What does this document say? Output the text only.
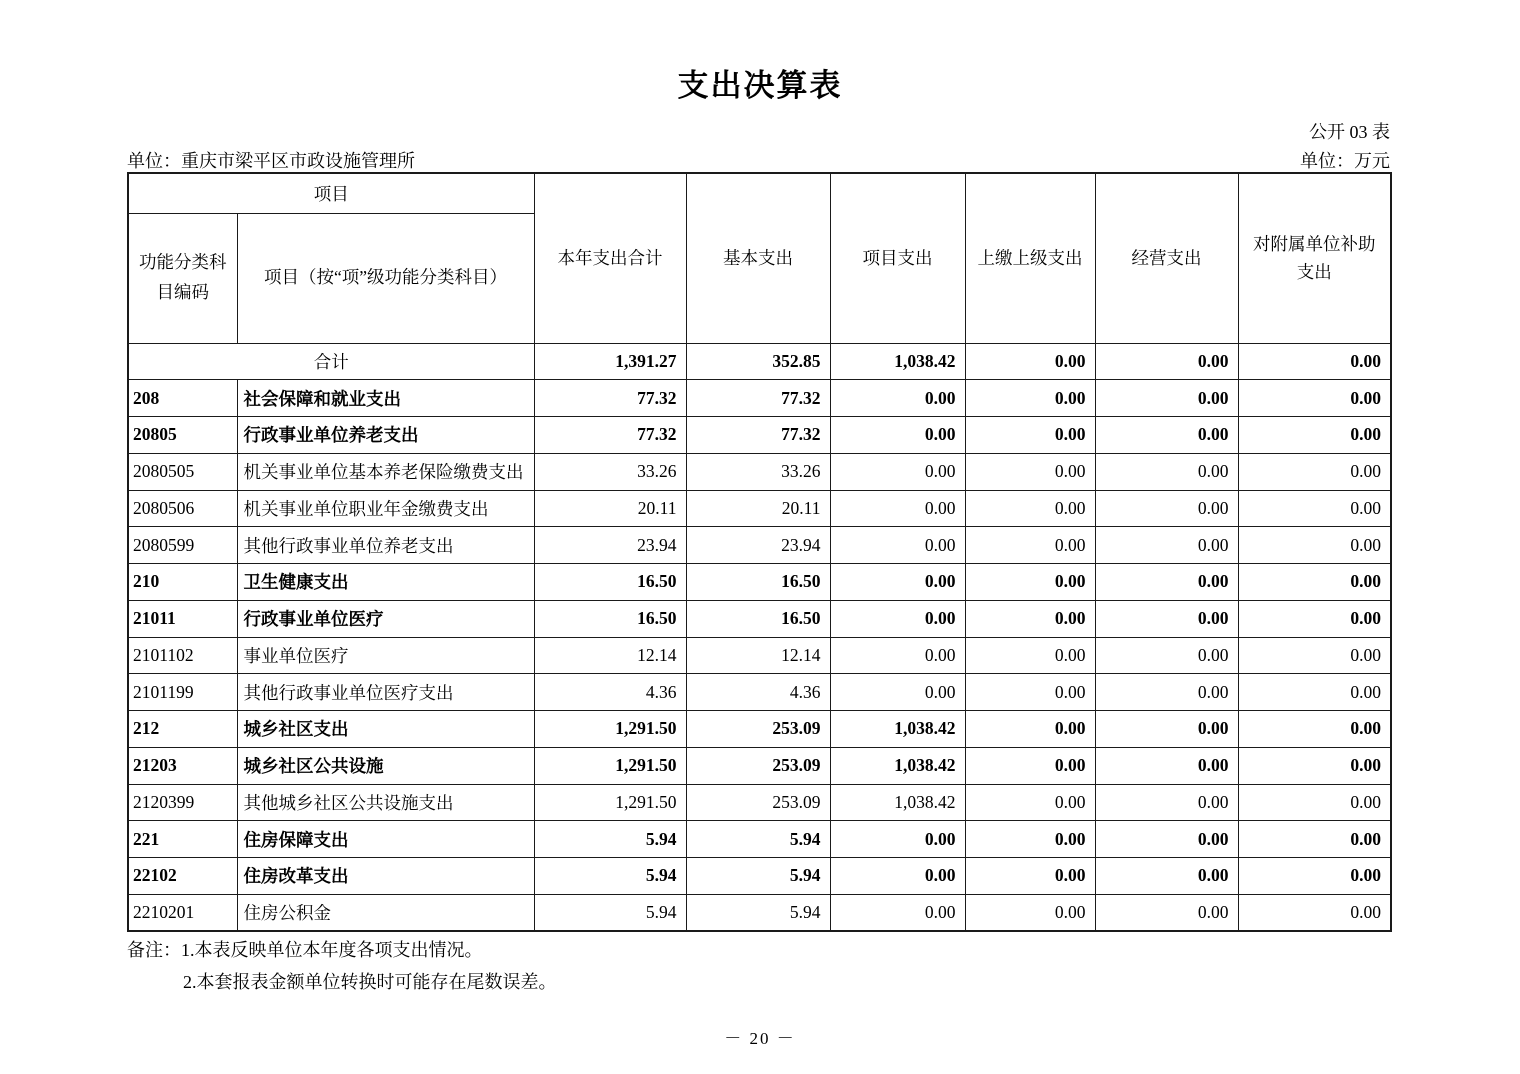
支出决算表
公开 03 表
单位：重庆市梁平区市政设施管理所	单位：万元
项目		本年支出合计	基本支出	项目支出	上缴上级支出	经营支出	对附属单位补助支出
功能分类科目编码	项目（按“项”级功能分类科目）						
合计		1,391.27	352.85	1,038.42	0.00	0.00	0.00
208	社会保障和就业支出	77.32	77.32	0.00	0.00	0.00	0.00
20805	行政事业单位养老支出	77.32	77.32	0.00	0.00	0.00	0.00
2080505	机关事业单位基本养老保险缴费支出	33.26	33.26	0.00	0.00	0.00	0.00
2080506	机关事业单位职业年金缴费支出	20.11	20.11	0.00	0.00	0.00	0.00
2080599	其他行政事业单位养老支出	23.94	23.94	0.00	0.00	0.00	0.00
210	卫生健康支出	16.50	16.50	0.00	0.00	0.00	0.00
21011	行政事业单位医疗	16.50	16.50	0.00	0.00	0.00	0.00
2101102	事业单位医疗	12.14	12.14	0.00	0.00	0.00	0.00
2101199	其他行政事业单位医疗支出	4.36	4.36	0.00	0.00	0.00	0.00
212	城乡社区支出	1,291.50	253.09	1,038.42	0.00	0.00	0.00
21203	城乡社区公共设施	1,291.50	253.09	1,038.42	0.00	0.00	0.00
2120399	其他城乡社区公共设施支出	1,291.50	253.09	1,038.42	0.00	0.00	0.00
221	住房保障支出	5.94	5.94	0.00	0.00	0.00	0.00
22102	住房改革支出	5.94	5.94	0.00	0.00	0.00	0.00
2210201	住房公积金	5.94	5.94	0.00	0.00	0.00	0.00
备注：1.本表反映单位本年度各项支出情况。
2.本套报表金额单位转换时可能存在尾数误差。
－ 20 －
